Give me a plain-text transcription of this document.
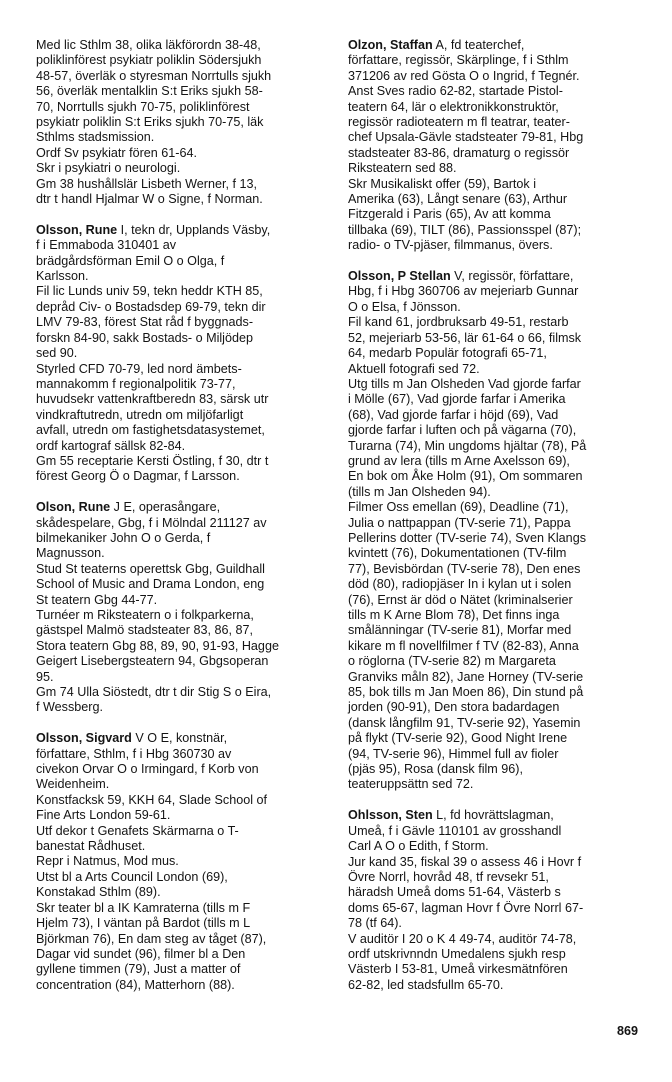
Med lic Sthlm 38, olika läkförordn 38-48,
poliklinförest psykiatr poliklin Södersjukh
48-57, överläk o styresman Norrtulls sjukh
56, överläk mentalklin S:t Eriks sjukh 58-
70, Norrtulls sjukh 70-75, poliklinförest
psykiatr poliklin S:t Eriks sjukh 70-75, läk
Sthlms stadsmission.
Ordf Sv psykiatr fören 61-64.
Skr i psykiatri o neurologi.
Gm 38 hushållslär Lisbeth Werner, f 13,
dtr t handl Hjalmar W o Signe, f Norman.
Olsson, Rune I, tekn dr, Upplands Väsby,
f i Emmaboda 310401 av
brädgårdsförman Emil O o Olga, f
Karlsson.
Fil lic Lunds univ 59, tekn heddr KTH 85,
depråd Civ- o Bostadsdep 69-79, tekn dir
LMV 79-83, förest Stat råd f byggnads-
forskn 84-90, sakk Bostads- o Miljödep
sed 90.
Styrled CFD 70-79, led nord ämbets-
mannakomm f regionalpolitik 73-77,
huvudsekr vattenkraftberedn 83, särsk utr
vindkraftutredn, utredn om miljöfarligt
avfall, utredn om fastighetsdatasystemet,
ordf kartograf sällsk 82-84.
Gm 55 receptarie Kersti Östling, f 30, dtr t
förest Georg Ö o Dagmar, f Larsson.
Olson, Rune J E, operasångare,
skådespelare, Gbg, f i Mölndal 211127 av
bilmekaniker John O o Gerda, f
Magnusson.
Stud St teaterns operettsk Gbg, Guildhall
School of Music and Drama London, eng
St teatern Gbg 44-77.
Turnéer m Riksteatern o i folkparkerna,
gästspel Malmö stadsteater 83, 86, 87,
Stora teatern Gbg 88, 89, 90, 91-93, Hagge
Geigert Lisebergsteatern 94, Gbgsoperan
95.
Gm 74 Ulla Siöstedt, dtr t dir Stig S o Eira,
f Wessberg.
Olsson, Sigvard V O E, konstnär,
författare, Sthlm, f i Hbg 360730 av
civekon Orvar O o Irmingard, f Korb von
Weidenheim.
Konstfacksk 59, KKH 64, Slade School of
Fine Arts London 59-61.
Utf dekor t Genafets Skärmarna o T-
banestat Rådhuset.
Repr i Natmus, Mod mus.
Utst bl a Arts Council London (69),
Konstakad Sthlm (89).
Skr teater bl a IK Kamraterna (tills m F
Hjelm 73), I väntan på Bardot (tills m L
Björkman 76), En dam steg av tåget (87),
Dagar vid sundet (96), filmer bl a Den
gyllene timmen (79), Just a matter of
concentration (84), Matterhorn (88).
Olzon, Staffan A, fd teaterchef,
författare, regissör, Skärplinge, f i Sthlm
371206 av red Gösta O o Ingrid, f Tegnér.
Anst Sves radio 62-82, startade Pistol-
teatern 64, lär o elektronikkonstruktör,
regissör radioteatern m fl teatrar, teater-
chef Upsala-Gävle stadsteater 79-81, Hbg
stadsteater 83-86, dramaturg o regissör
Riksteatern sed 88.
Skr Musikaliskt offer (59), Bartok i
Amerika (63), Långt senare (63), Arthur
Fitzgerald i Paris (65), Av att komma
tillbaka (69), TILT (86), Passionsspel (87);
radio- o TV-pjäser, filmmanus, övers.
Olsson, P Stellan V, regissör, författare,
Hbg, f i Hbg 360706 av mejeriarb Gunnar
O o Elsa, f Jönsson.
Fil kand 61, jordbruksarb 49-51, restarb
52, mejeriarb 53-56, lär 61-64 o 66, filmsk
64, medarb Populär fotografi 65-71,
Aktuell fotografi sed 72.
Utg tills m Jan Olsheden Vad gjorde farfar
i Mölle (67), Vad gjorde farfar i Amerika
(68), Vad gjorde farfar i höjd (69), Vad
gjorde farfar i luften och på vägarna (70),
Turarna (74), Min ungdoms hjältar (78), På
grund av lera (tills m Arne Axelsson 69),
En bok om Åke Holm (91), Om sommaren
(tills m Jan Olsheden 94).
Filmer Oss emellan (69), Deadline (71),
Julia o nattpappan (TV-serie 71), Pappa
Pellerins dotter (TV-serie 74), Sven Klangs
kvintett (76), Dokumentationen (TV-film
77), Bevisbördan (TV-serie 78), Den enes
död (80), radiopjäser In i kylan ut i solen
(76), Ernst är död o Nätet (kriminalserier
tills m K Arne Blom 78), Det finns inga
smålänningar (TV-serie 81), Morfar med
kikare m fl novellfilmer f TV (82-83), Anna
o röglorna (TV-serie 82) m Margareta
Granviks måln 82), Jane Horney (TV-serie
85, bok tills m Jan Moen 86), Din stund på
jorden (90-91), Den stora badardagen
(dansk långfilm 91, TV-serie 92), Yasemin
på flykt (TV-serie 92), Good Night Irene
(94, TV-serie 96), Himmel full av fioler
(pjäs 95), Rosa (dansk film 96),
teateruppsättn sed 72.
Ohlsson, Sten L, fd hovrättslagman,
Umeå, f i Gävle 110101 av grosshandl
Carl A O o Edith, f Storm.
Jur kand 35, fiskal 39 o assess 46 i Hovr f
Övre Norrl, hovråd 48, tf revsekr 51,
häradsh Umeå doms 51-64, Västerb s
doms 65-67, lagman Hovr f Övre Norrl 67-
78 (tf 64).
V auditör I 20 o K 4 49-74, auditör 74-78,
ordf utskrivnndn Umedalens sjukh resp
Västerb I 53-81, Umeå virkesmätnfören
62-82, led stadsfullm 65-70.
869
